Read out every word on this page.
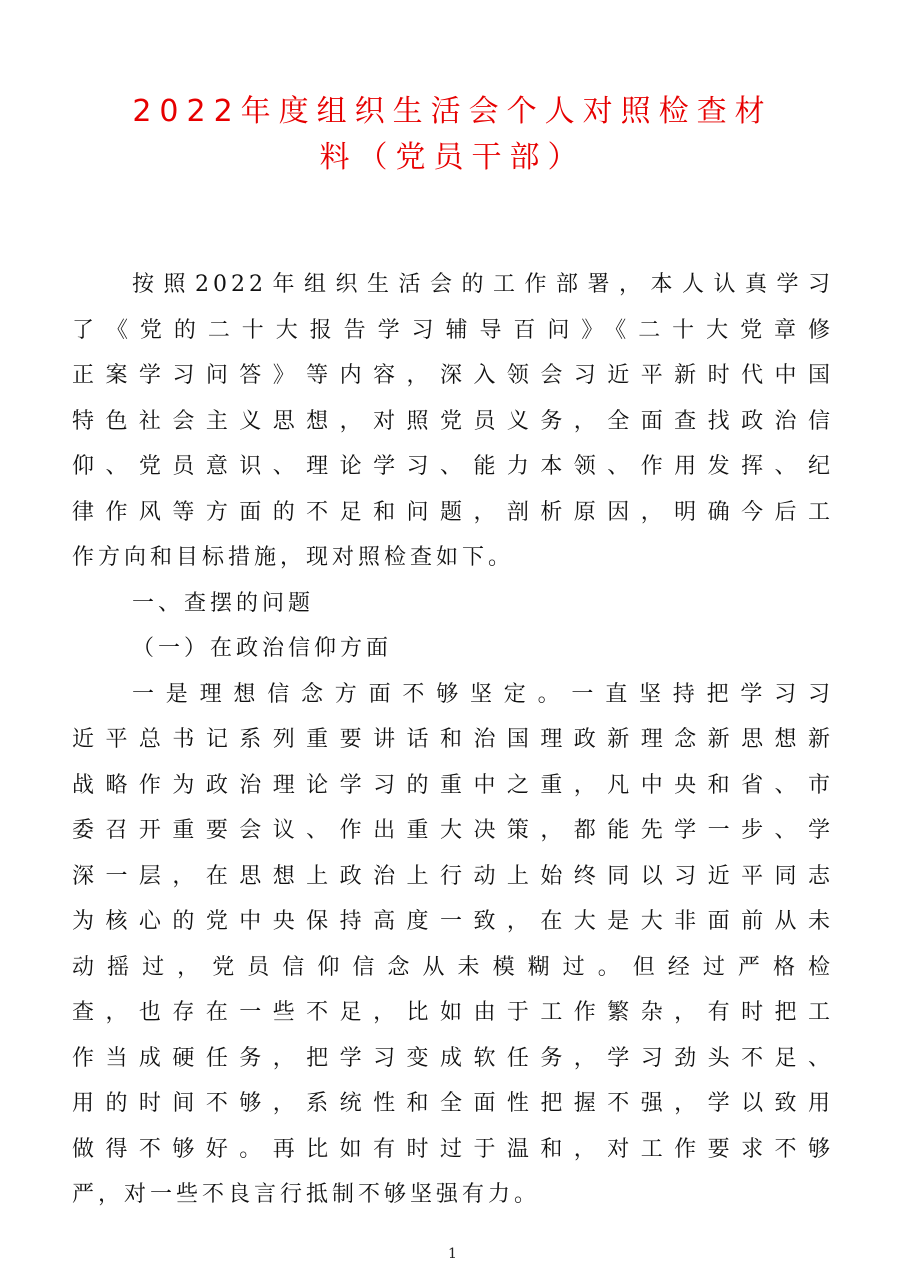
2022年度组织生活会个人对照检查材
料（党员干部）
按照2022年组织生活会的工作部署，本人认真学习
了《党的二十大报告学习辅导百问》《二十大党章修
正案学习问答》等内容，深入领会习近平新时代中国
特色社会主义思想，对照党员义务，全面查找政治信
仰、党员意识、理论学习、能力本领、作用发挥、纪
律作风等方面的不足和问题，剖析原因，明确今后工
作方向和目标措施，现对照检查如下。
一、查摆的问题
（一）在政治信仰方面
一是理想信念方面不够坚定。一直坚持把学习习
近平总书记系列重要讲话和治国理政新理念新思想新
战略作为政治理论学习的重中之重，凡中央和省、市
委召开重要会议、作出重大决策，都能先学一步、学
深一层，在思想上政治上行动上始终同以习近平同志
为核心的党中央保持高度一致，在大是大非面前从未
动摇过，党员信仰信念从未模糊过。但经过严格检
查，也存在一些不足，比如由于工作繁杂，有时把工
作当成硬任务，把学习变成软任务，学习劲头不足、
用的时间不够，系统性和全面性把握不强，学以致用
做得不够好。再比如有时过于温和，对工作要求不够
严，对一些不良言行抵制不够坚强有力。
1
